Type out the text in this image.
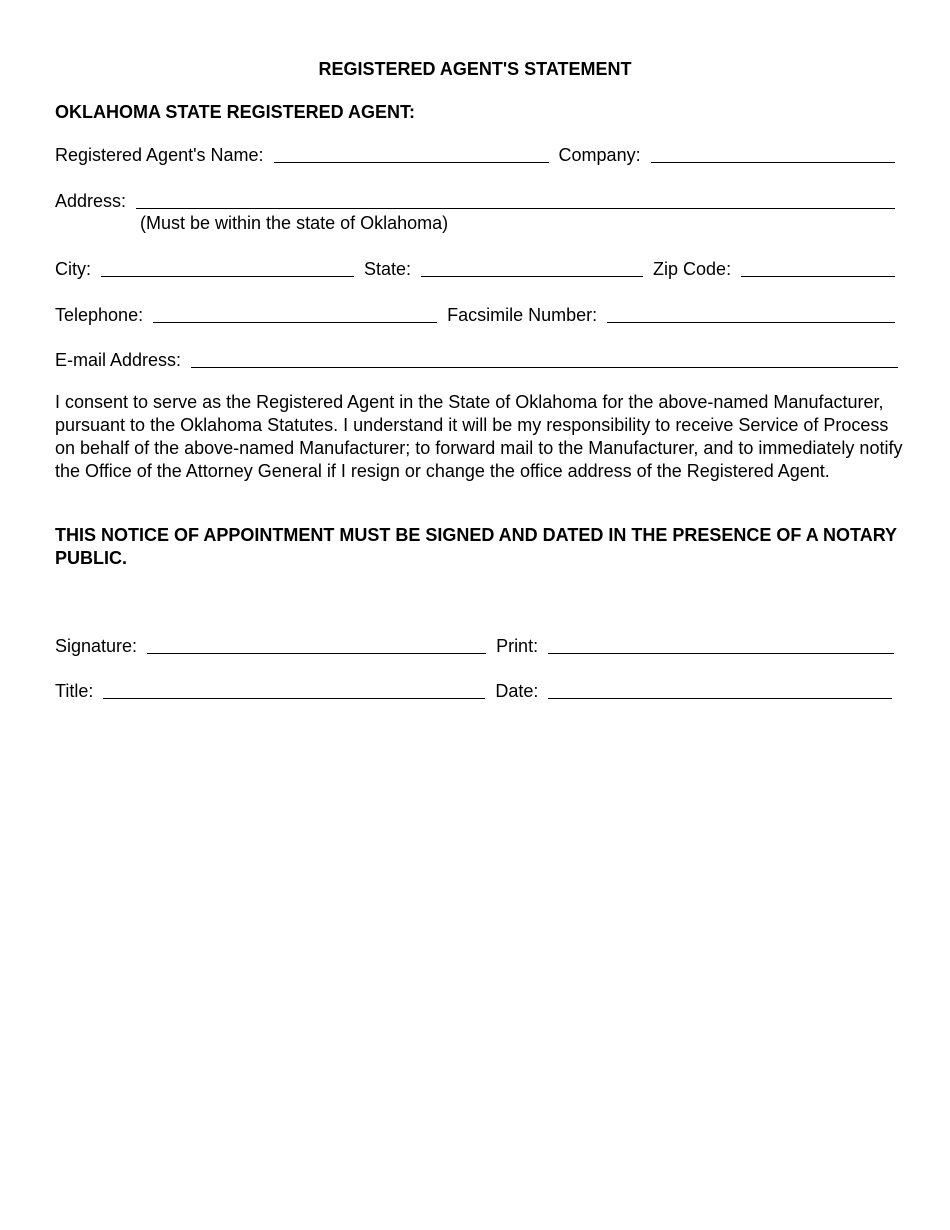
REGISTERED AGENT'S STATEMENT
OKLAHOMA STATE REGISTERED AGENT:
Registered Agent's Name:	Company:
Address:
(Must be within the state of Oklahoma)
City:	State:	Zip Code:
Telephone:	Facsimile Number:
E-mail Address:
I consent to serve as the Registered Agent in the State of Oklahoma for the above-named Manufacturer, pursuant to the Oklahoma Statutes. I understand it will be my responsibility to receive Service of Process on behalf of the above-named Manufacturer; to forward mail to the Manufacturer, and to immediately notify the Office of the Attorney General if I resign or change the office address of the Registered Agent.
THIS NOTICE OF APPOINTMENT MUST BE SIGNED AND DATED IN THE PRESENCE OF A NOTARY PUBLIC.
Signature:	Print:
Title:	Date:
